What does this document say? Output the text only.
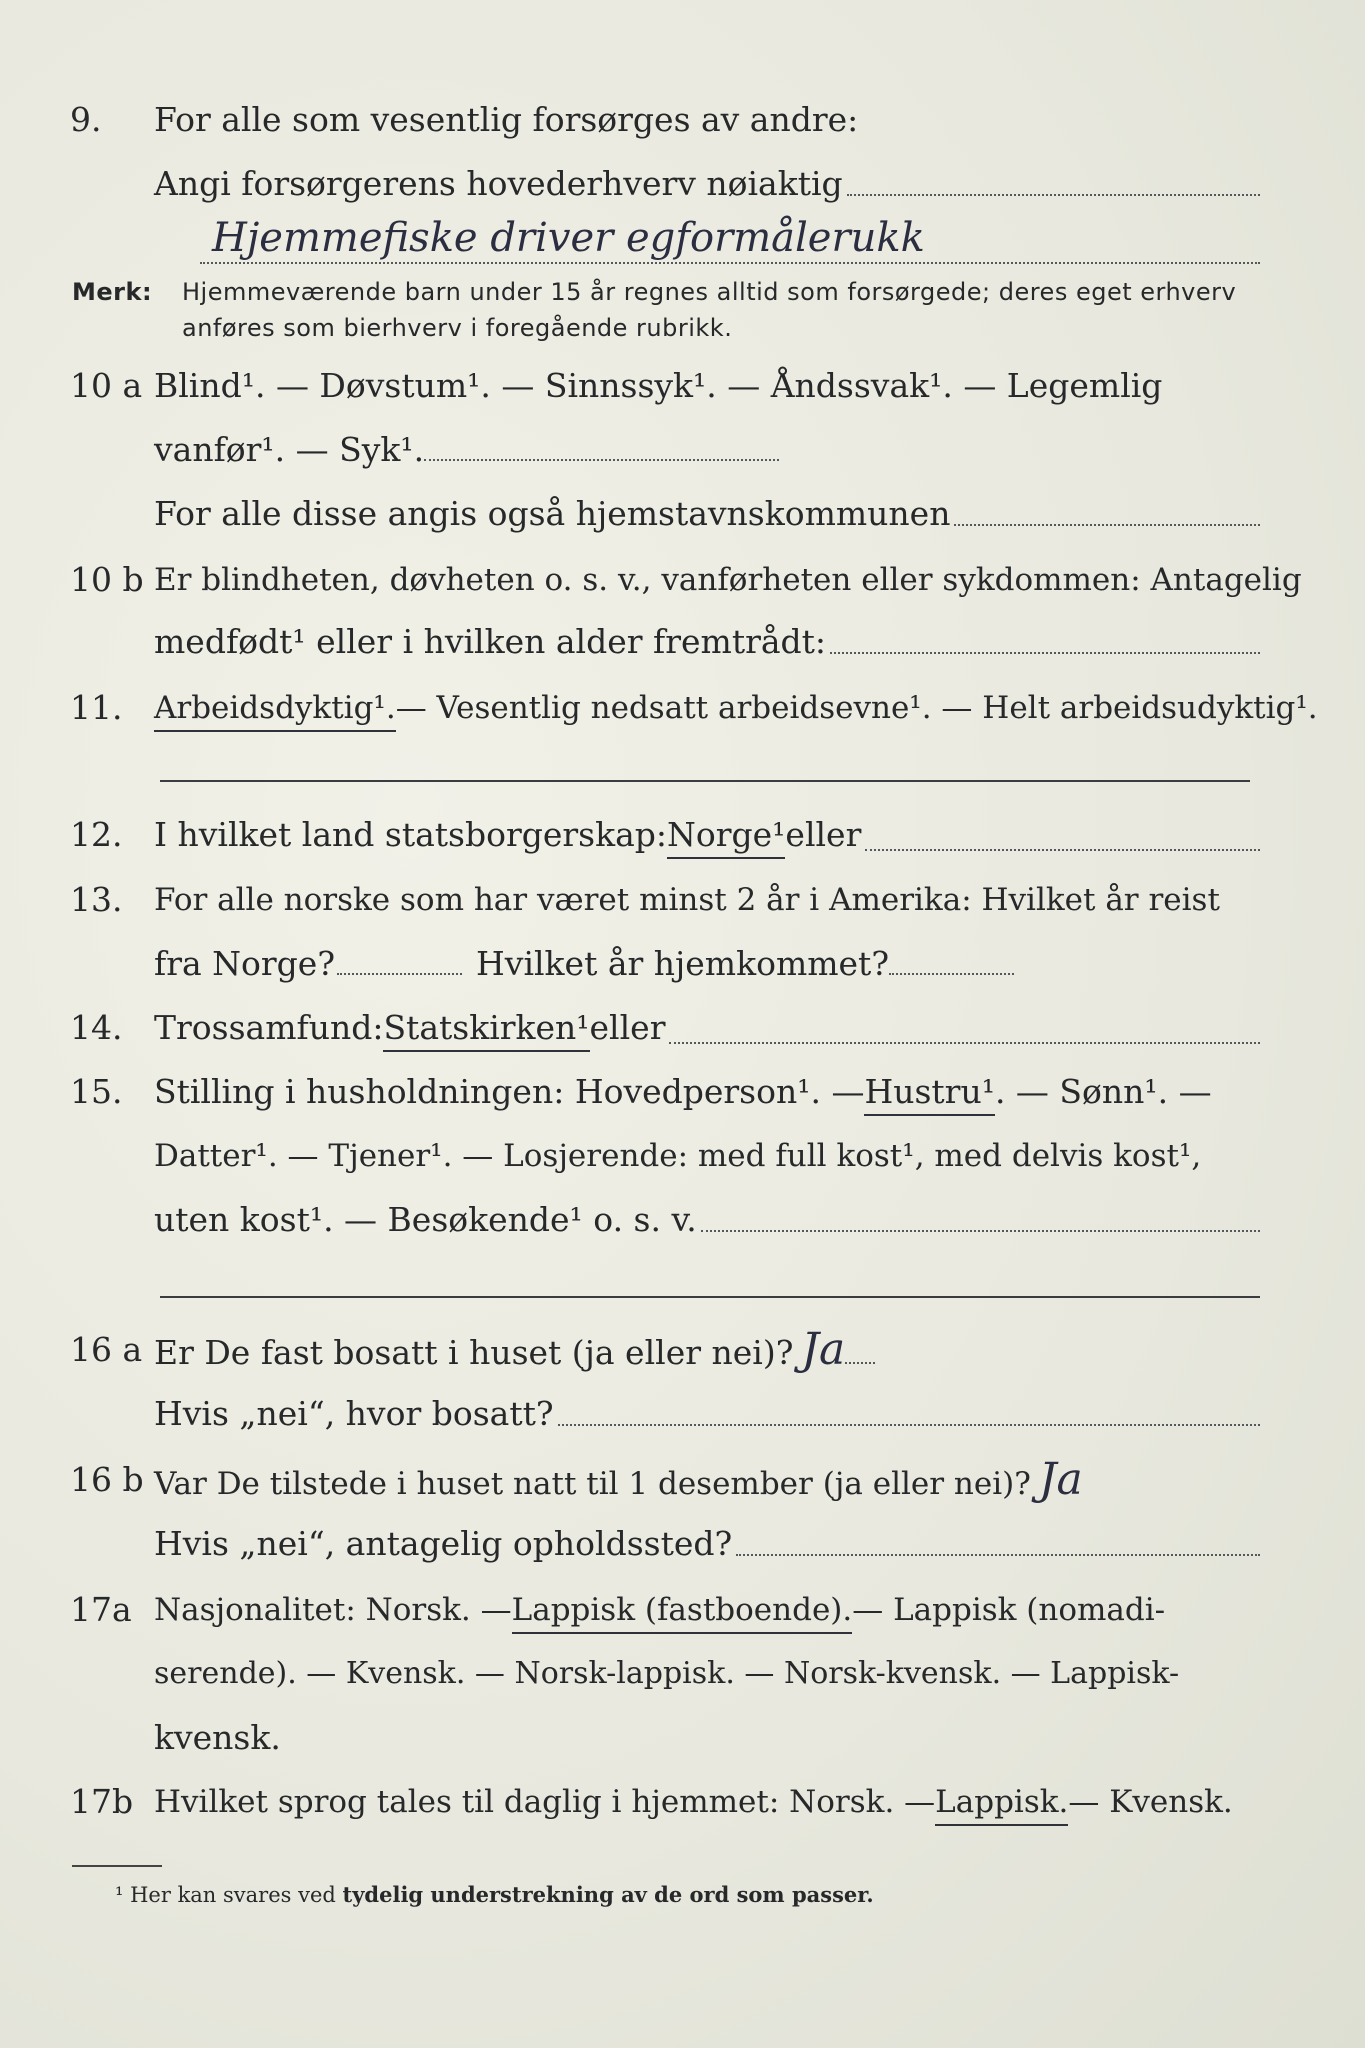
9.	For alle som vesentlig forsørges av andre:
Angi forsørgerens hovederhverv nøiaktig
Hjemmefiske driver egformålerukk
Merk: Hjemmeværende barn under 15 år regnes alltid som forsørgede; deres eget erhverv
anføres som bierhverv i foregående rubrikk.
10 a Blind¹. — Døvstum¹. — Sinnssyk¹. — Åndssvak¹. — Legemlig
vanfør¹. — Syk¹.
For alle disse angis også hjemstavnskommunen
10 b Er blindheten, døvheten o. s. v., vanførheten eller sykdommen: Antagelig
medfødt¹ eller i hvilken alder fremtrådt:
11.	Arbeidsdyktig¹. — Vesentlig nedsatt arbeidsevne¹. — Helt arbeidsudyktig¹.
12. I hvilket land statsborgerskap: Norge¹ eller
13.	For alle norske som har været minst 2 år i Amerika: Hvilket år reist
fra Norge?	Hvilket år hjemkommet?
14. Trossamfund: Statskirken¹ eller
15. Stilling i husholdningen: Hovedperson¹. — Hustru¹ . — Sønn¹. —
Datter¹. — Tjener¹. — Losjerende: med full kost¹, med delvis kost¹,
uten kost¹. — Besøkende¹ o. s. v.
16 a Er De fast bosatt i huset (ja eller nei)? Ja
Hvis „nei“, hvor bosatt?
16 b Var De tilstede i huset natt til 1 desember (ja eller nei)? Ja
Hvis „nei“, antagelig opholdssted?
17a Nasjonalitet: Norsk. — Lappisk (fastboende). — Lappisk (nomadi-
serende). — Kvensk. — Norsk-lappisk. — Norsk-kvensk. — Lappisk-
kvensk.
17b Hvilket sprog tales til daglig i hjemmet: Norsk. — Lappisk. — Kvensk.
¹ Her kan svares ved tydelig understrekning av de ord som passer.
